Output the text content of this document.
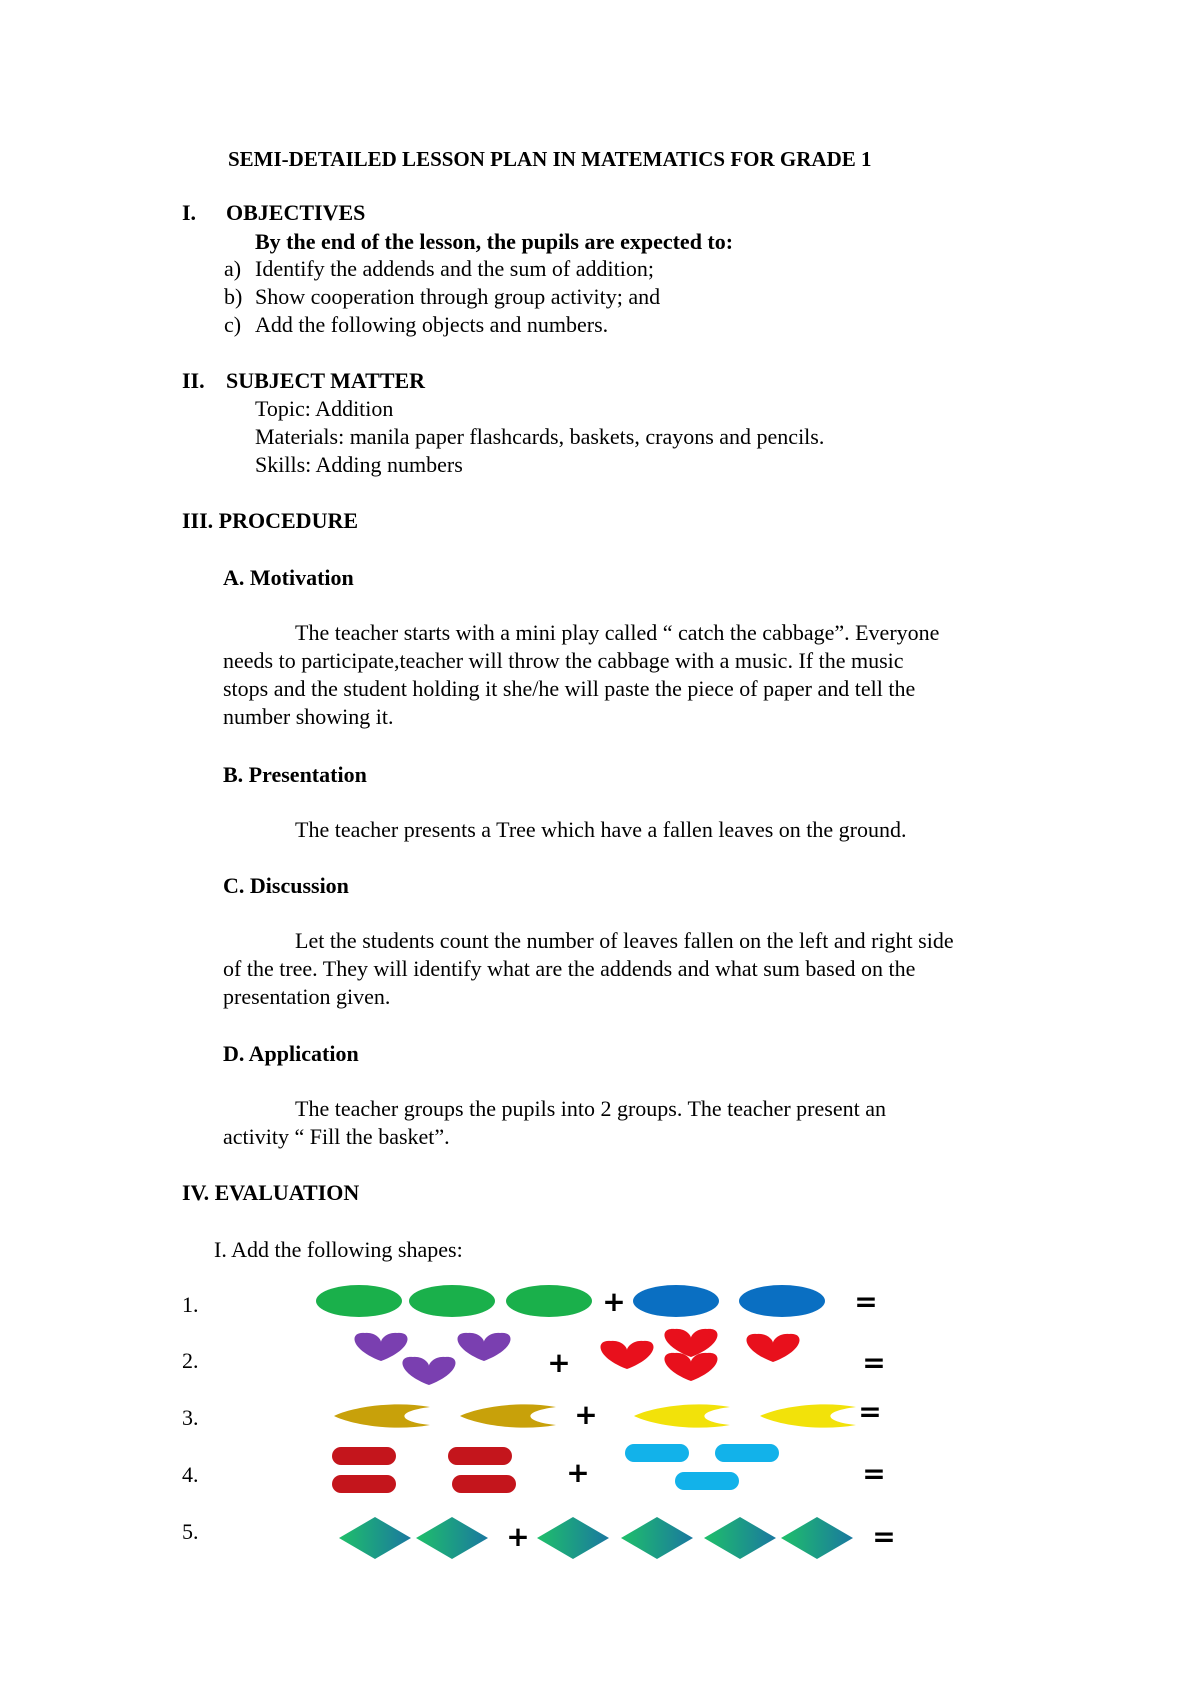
SEMI-DETAILED LESSON PLAN IN MATEMATICS FOR GRADE 1
I. OBJECTIVES
By the end of the lesson, the pupils are expected to:
a) Identify the addends and the sum of addition;
b) Show cooperation through group activity; and
c) Add the following objects and numbers.
II. SUBJECT MATTER
Topic: Addition
Materials: manila paper flashcards, baskets, crayons and pencils.
Skills: Adding numbers
III. PROCEDURE
A. Motivation
The teacher starts with a mini play called “ catch the cabbage”. Everyone
needs to participate,teacher will throw the cabbage with a music. If the music
stops and the student holding it she/he will paste the piece of paper and tell the
number showing it.
B. Presentation
The teacher presents a Tree which have a fallen leaves on the ground.
C. Discussion
Let the students count the number of leaves fallen on the left and right side
of the tree. They will identify what are the addends and what sum based on the
presentation given.
D. Application
The teacher groups the pupils into 2 groups. The teacher present an
activity “ Fill the basket”.
IV. EVALUATION
I. Add the following shapes:
1.
2.
3.
4.
5.
+	=
+	=
+	=
+	=
+	=
